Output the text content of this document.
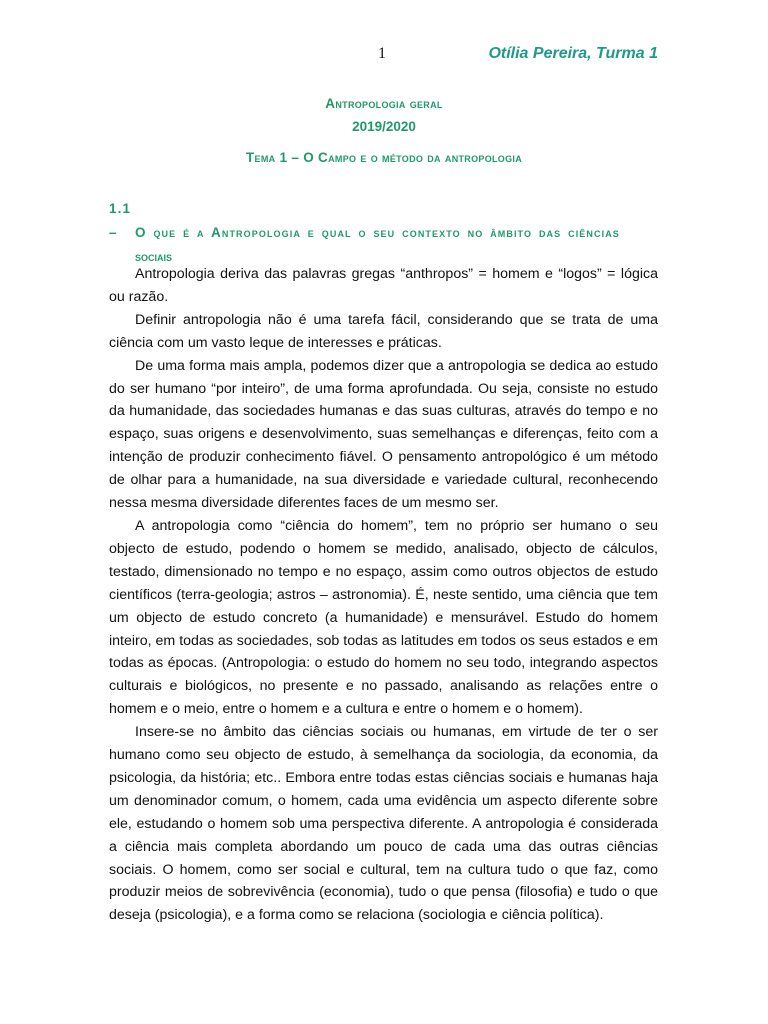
1	Otília Pereira, Turma 1
Antropologia geral
2019/2020
Tema 1 – O Campo e o método da antropologia
1.1 – O que é a Antropologia e qual o seu contexto no âmbito das ciências
sociais

Antropologia deriva das palavras gregas “anthropos” = homem e “logos” = lógica ou razão.

Definir antropologia não é uma tarefa fácil, considerando que se trata de uma ciência com um vasto leque de interesses e práticas.

De uma forma mais ampla, podemos dizer que a antropologia se dedica ao estudo do ser humano “por inteiro”, de uma forma aprofundada. Ou seja, consiste no estudo da humanidade, das sociedades humanas e das suas culturas, através do tempo e no espaço, suas origens e desenvolvimento, suas semelhanças e diferenças, feito com a intenção de produzir conhecimento fiável. O pensamento antropológico é um método de olhar para a humanidade, na sua diversidade e variedade cultural, reconhecendo nessa mesma diversidade diferentes faces de um mesmo ser.

A antropologia como “ciência do homem”, tem no próprio ser humano o seu objecto de estudo, podendo o homem se medido, analisado, objecto de cálculos, testado, dimensionado no tempo e no espaço, assim como outros objectos de estudo científicos (terra-geologia; astros – astronomia). É, neste sentido, uma ciência que tem um objecto de estudo concreto (a humanidade) e mensurável. Estudo do homem inteiro, em todas as sociedades, sob todas as latitudes em todos os seus estados e em todas as épocas. (Antropologia: o estudo do homem no seu todo, integrando aspectos culturais e biológicos, no presente e no passado, analisando as relações entre o homem e o meio, entre o homem e a cultura e entre o homem e o homem).

Insere-se no âmbito das ciências sociais ou humanas, em virtude de ter o ser humano como seu objecto de estudo, à semelhança da sociologia, da economia, da psicologia, da história; etc.. Embora entre todas estas ciências sociais e humanas haja um denominador comum, o homem, cada uma evidência um aspecto diferente sobre ele, estudando o homem sob uma perspectiva diferente. A antropologia é considerada a ciência mais completa abordando um pouco de cada uma das outras ciências sociais. O homem, como ser social e cultural, tem na cultura tudo o que faz, como produzir meios de sobrevivência (economia), tudo o que pensa (filosofia) e tudo o que deseja (psicologia), e a forma como se relaciona (sociologia e ciência política).
